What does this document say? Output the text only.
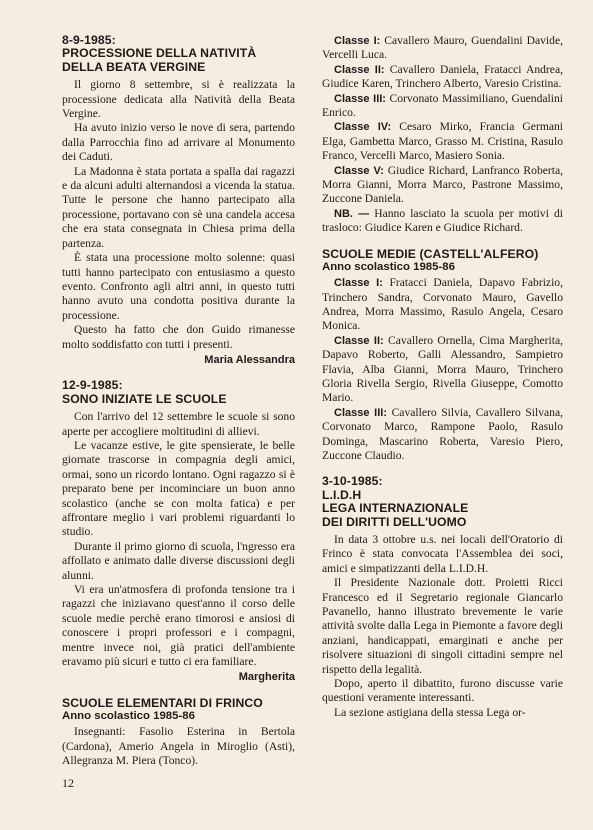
8-9-1985:
PROCESSIONE DELLA NATIVITÀ
DELLA BEATA VERGINE

Il giorno 8 settembre, si è realizzata la processione dedicata alla Natività della Beata Vergine.

Ha avuto inizio verso le nove di sera, partendo dalla Parrocchia fino ad arrivare al Monumento dei Caduti.

La Madonna è stata portata a spalla dai ragazzi e da alcuni adulti alternandosi a vicenda la statua. Tutte le persone che hanno partecipato alla processione, portavano con sè una candela accesa che era stata consegnata in Chiesa prima della partenza.

È stata una processione molto solenne: quasi tutti hanno partecipato con entusiasmo a questo evento. Confronto agli altri anni, in questo tutti hanno avuto una condotta positiva durante la processione.

Questo ha fatto che don Guido rimanesse molto soddisfatto con tutti i presenti.

Maria Alessandra
12-9-1985:
SONO INIZIATE LE SCUOLE

Con l'arrivo del 12 settembre le scuole si sono aperte per accogliere moltitudini di allievi.

Le vacanze estive, le gite spensierate, le belle giornate trascorse in compagnia degli amici, ormai, sono un ricordo lontano. Ogni ragazzo si è preparato bene per incominciare un buon anno scolastico (anche se con molta fatica) e per affrontare meglio i vari problemi riguardanti lo studio.

Durante il primo giorno di scuola, l'ngresso era affollato e animato dalle diverse discussioni degli alunni.

Vi era un'atmosfera di profonda tensione tra i ragazzi che iniziavano quest'anno il corso delle scuole medie perchè erano timorosi e ansiosi di conoscere i propri professori e i compagni, mentre invece noi, già pratici dell'ambiente eravamo più sicuri e tutto ci era familiare.

Margherita
SCUOLE ELEMENTARI DI FRINCO
Anno scolastico 1985-86

Insegnanti: Fasolio Esterina in Bertola (Cardona), Amerio Angela in Miroglio (Asti), Allegranza M. Piera (Tonco).

Classe I: Cavallero Mauro, Guendalini Davide, Vercelli Luca.

Classe II: Cavallero Daniela, Fratacci Andrea, Giudice Karen, Trinchero Alberto, Varesio Cristina.

Classe III: Corvonato Massimiliano, Guendalini Enrico.

Classe IV: Cesaro Mirko, Francia Germani Elga, Gambetta Marco, Grasso M. Cristina, Rasulo Franco, Vercelli Marco, Masiero Sonia.

Classe V: Giudice Richard, Lanfranco Roberta, Morra Gianni, Morra Marco, Pastrone Massimo, Zuccone Daniela.

NB. — Hanno lasciato la scuola per motivi di trasloco: Giudice Karen e Giudice Richard.

SCUOLE MEDIE (CASTELL'ALFERO)
Anno scolastico 1985-86

Classe I: Fratacci Daniela, Dapavo Fabrizio, Trinchero Sandra, Corvonato Mauro, Gavello Andrea, Morra Massimo, Rasulo Angela, Cesaro Monica.

Classe II: Cavallero Ornella, Cima Margherita, Dapavo Roberto, Galli Alessandro, Sampietro Flavia, Alba Gianni, Morra Mauro, Trinchero Gloria Rivella Sergio, Rivella Giuseppe, Comotto Mario.

Classe III: Cavallero Silvia, Cavallero Silvana, Corvonato Marco, Rampone Paolo, Rasulo Dominga, Mascarino Roberta, Varesio Piero, Zuccone Claudio.

3-10-1985:
L.I.D.H
LEGA INTERNAZIONALE
DEI DIRITTI DELL'UOMO

In data 3 ottobre u.s. nei locali dell'Oratorio di Frinco è stata convocata l'Assemblea dei soci, amici e simpatizzanti della L.I.D.H.

Il Presidente Nazionale dott. Proietti Ricci Francesco ed il Segretario regionale Giancarlo Pavanello, hanno illustrato brevemente le varie attività svolte dalla Lega in Piemonte a favore degli anziani, handicappati, emarginati e anche per risolvere situazioni di singoli cittadini sempre nel rispetto della legalità.

Dopo, aperto il dibattito, furono discusse varie questioni veramente interessanti.

La sezione astigiana della stessa Lega or-

12
